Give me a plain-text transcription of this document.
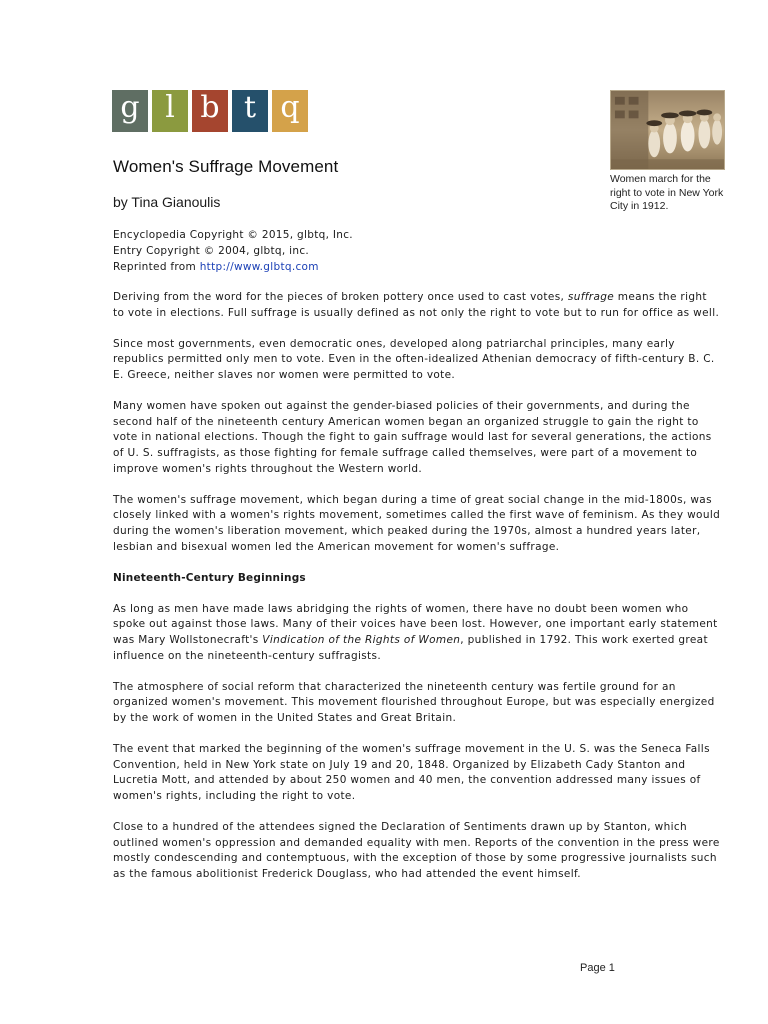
g l b t q
Women march for the right to vote in New York City in 1912.
Women's Suffrage Movement
by Tina Gianoulis
Encyclopedia Copyright © 2015, glbtq, Inc.
Entry Copyright © 2004, glbtq, inc.
Reprinted from http://www.glbtq.com

Deriving from the word for the pieces of broken pottery once used to cast votes, suffrage means the right to vote in elections. Full suffrage is usually defined as not only the right to vote but to run for office as well.

Since most governments, even democratic ones, developed along patriarchal principles, many early republics permitted only men to vote. Even in the often-idealized Athenian democracy of fifth-century B. C. E. Greece, neither slaves nor women were permitted to vote.

Many women have spoken out against the gender-biased policies of their governments, and during the second half of the nineteenth century American women began an organized struggle to gain the right to vote in national elections. Though the fight to gain suffrage would last for several generations, the actions of U. S. suffragists, as those fighting for female suffrage called themselves, were part of a movement to improve women's rights throughout the Western world.

The women's suffrage movement, which began during a time of great social change in the mid-1800s, was closely linked with a women's rights movement, sometimes called the first wave of feminism. As they would during the women's liberation movement, which peaked during the 1970s, almost a hundred years later, lesbian and bisexual women led the American movement for women's suffrage.

Nineteenth-Century Beginnings

As long as men have made laws abridging the rights of women, there have no doubt been women who spoke out against those laws. Many of their voices have been lost. However, one important early statement was Mary Wollstonecraft's Vindication of the Rights of Women, published in 1792. This work exerted great influence on the nineteenth-century suffragists.

The atmosphere of social reform that characterized the nineteenth century was fertile ground for an organized women's movement. This movement flourished throughout Europe, but was especially energized by the work of women in the United States and Great Britain.

The event that marked the beginning of the women's suffrage movement in the U. S. was the Seneca Falls Convention, held in New York state on July 19 and 20, 1848. Organized by Elizabeth Cady Stanton and Lucretia Mott, and attended by about 250 women and 40 men, the convention addressed many issues of women's rights, including the right to vote.

Close to a hundred of the attendees signed the Declaration of Sentiments drawn up by Stanton, which outlined women's oppression and demanded equality with men. Reports of the convention in the press were mostly condescending and contemptuous, with the exception of those by some progressive journalists such as the famous abolitionist Frederick Douglass, who had attended the event himself.

Page 1
